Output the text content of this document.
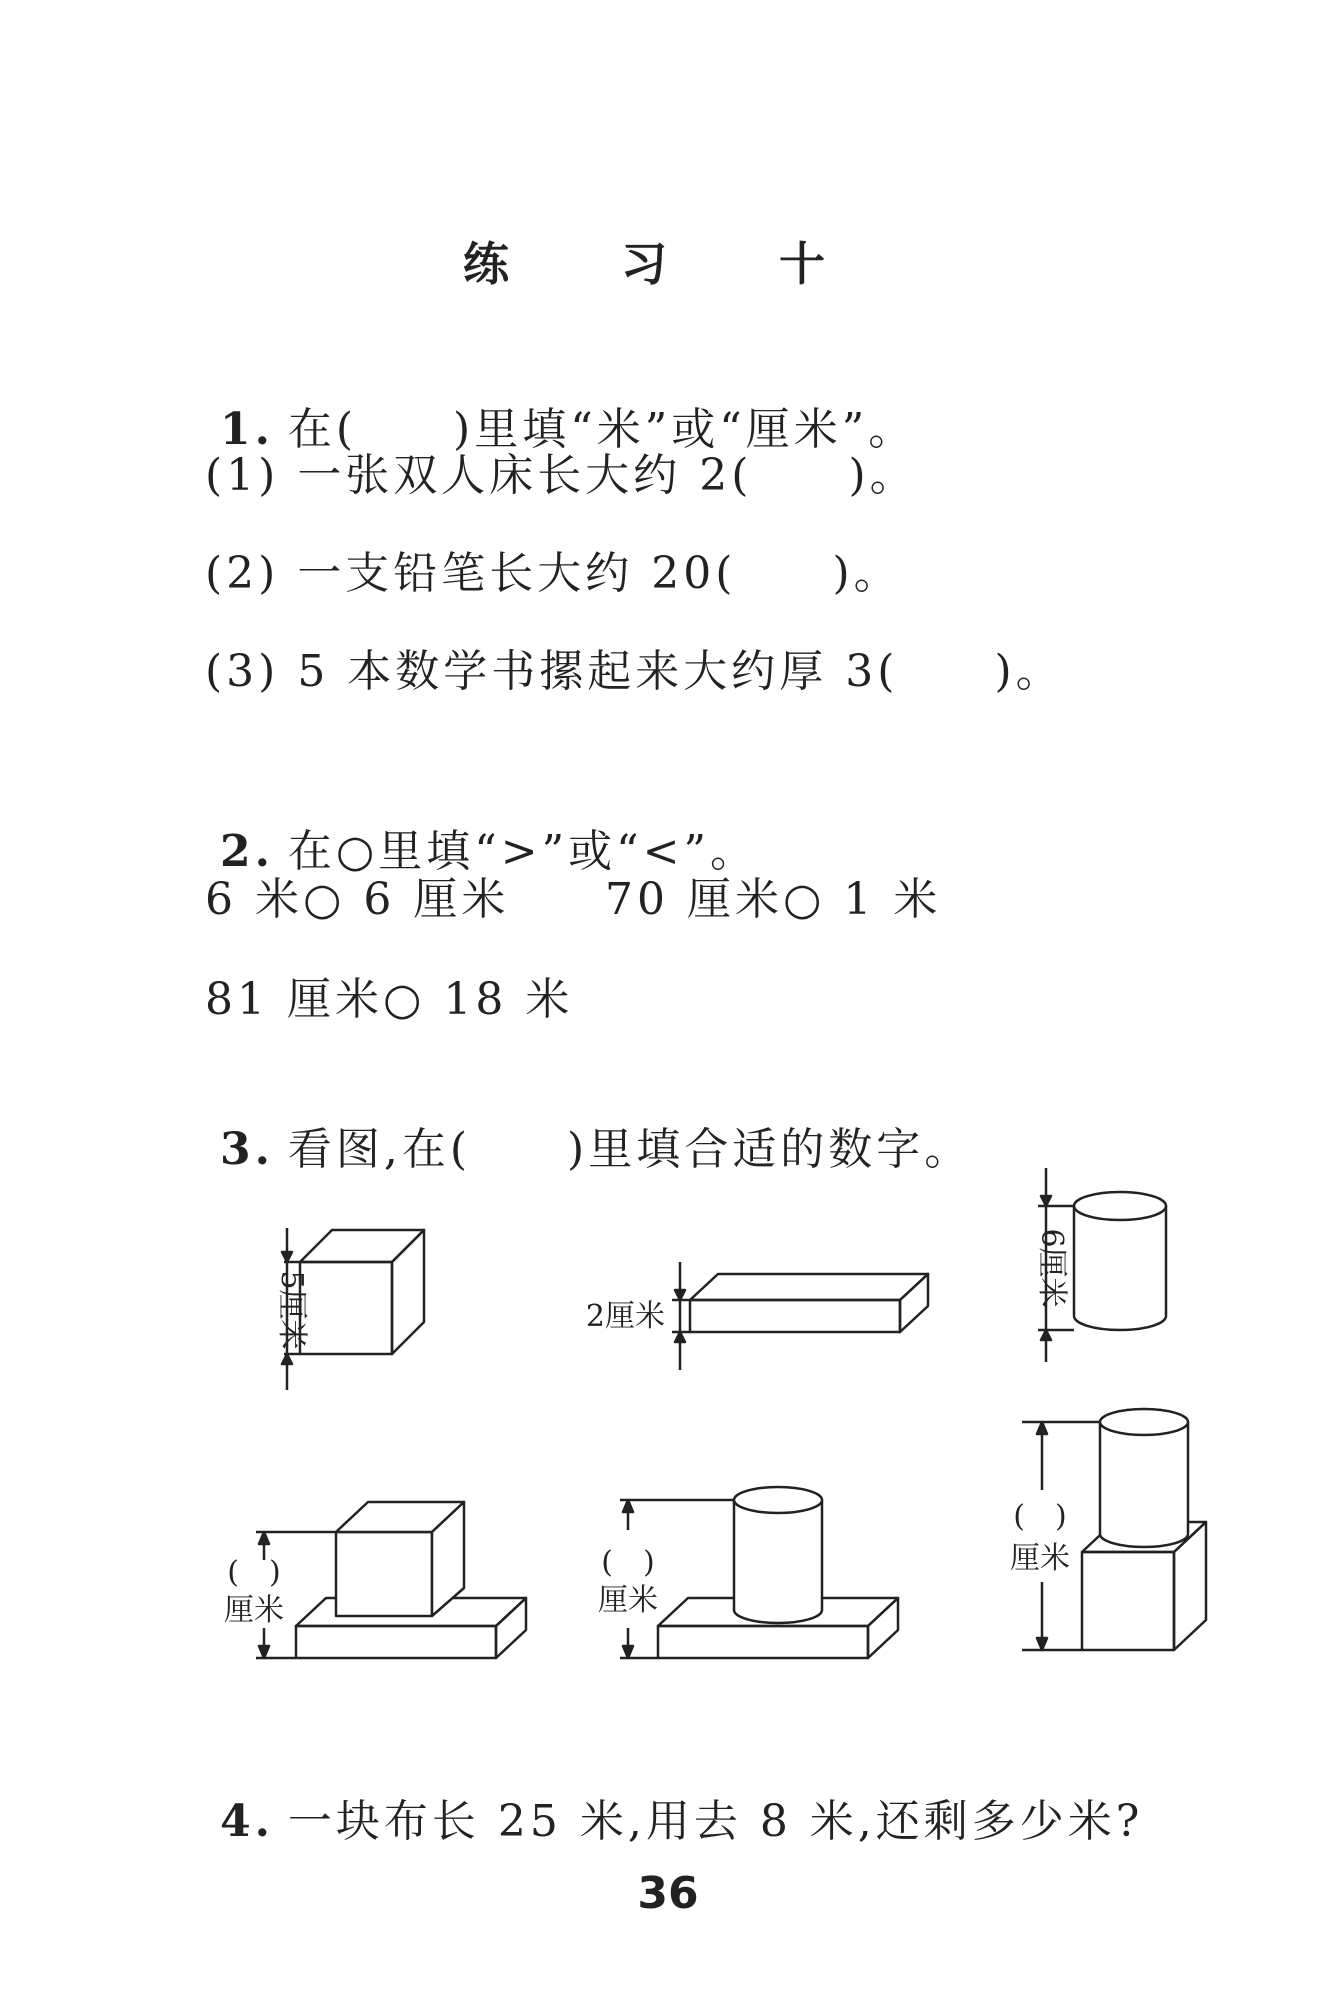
练 习 十

1. 在(　　)里填“米”或“厘米”。

(1) 一张双人床长大约 2(　　)。
(2) 一支铅笔长大约 20(　　)。
(3) 5 本数学书摞起来大约厚 3(　　)。

2. 在○里填“>”或“<”。

6 米○ 6 厘米 70 厘米○ 1 米
81 厘米○ 18 米

3. 看图,在(　　)里填合适的数字。

5厘米	2厘米
6厘米
(　)
厘米
(　)
厘米
(　)
厘米

4. 一块布长 25 米,用去 8 米,还剩多少米?

36
